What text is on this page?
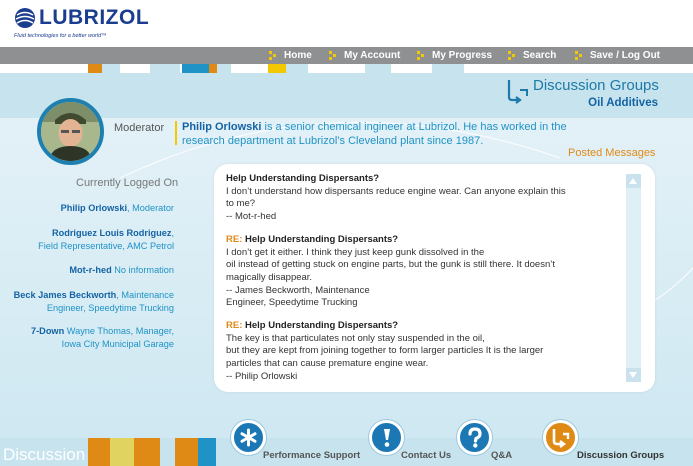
LUBRIZOL
Fluid technologies for a better world™
Home	My Account	My Progress	Search	Save / Log Out
Discussion Groups
Oil Additives
Moderator Philip Orlowski is a senior chemical ingineer at Lubrizol. He has worked in the research department at Lubrizol’s Cleveland plant since 1987.
Posted Messages
Currently Logged On
Philip Orlowski, Moderator
Rodriguez Louis Rodriguez,
Field Representative, AMC Petrol
Mot-r-hed No information
Beck James Beckworth, Maintenance
Engineer, Speedytime Trucking
7-Down Wayne Thomas, Manager,
Iowa City Municipal Garage
Help Understanding Dispersants?
I don’t understand how dispersants reduce engine wear. Can anyone explain this
to me?
-- Mot-r-hed
RE: Help Understanding Dispersants?
I don’t get it either. I think they just keep gunk dissolved in the
oil instead of getting stuck on engine parts, but the gunk is still there. It doesn’t
magically disappear.
-- James Beckworth, Maintenance
Engineer, Speedytime Trucking
RE: Help Understanding Dispersants?
The key is that particulates not only stay suspended in the oil,
but they are kept from joining together to form larger particles It is the larger
particles that can cause premature engine wear.
-- Philip Orlowski
Discussion	Performance Support	Contact Us	Q&A	Discussion Groups
